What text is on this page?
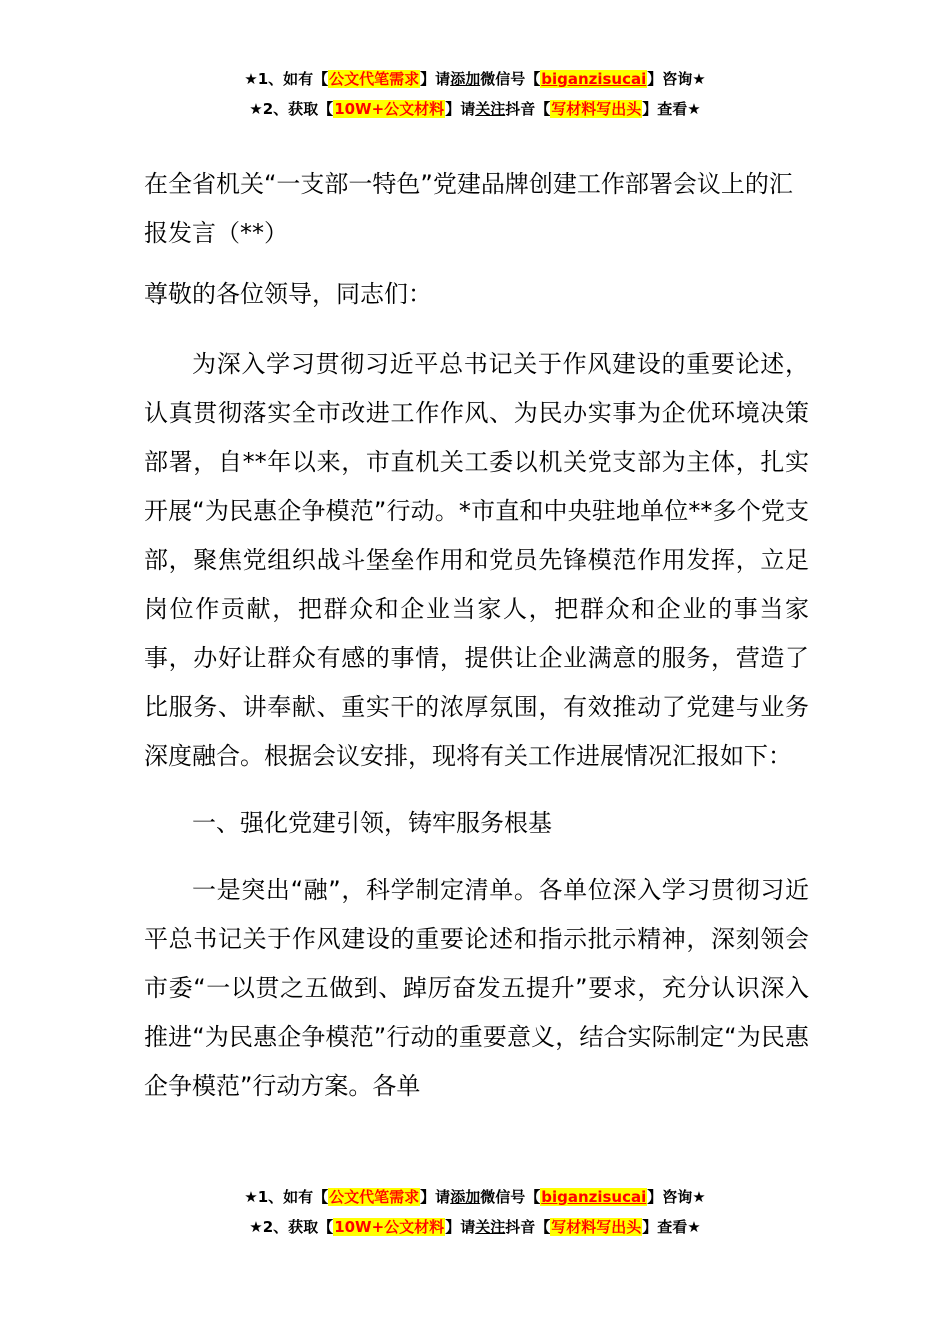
★1、如有【公文代笔需求】请添加微信号【biganzisucai】咨询★
★2、获取【10W+公文材料】请关注抖音【写材料写出头】查看★

在全省机关“一支部一特色”党建品牌创建工作部署会议上的汇报发言（**）

尊敬的各位领导，同志们：

为深入学习贯彻习近平总书记关于作风建设的重要论述，认真贯彻落实全市改进工作作风、为民办实事为企优环境决策部署，自**年以来，市直机关工委以机关党支部为主体，扎实开展“为民惠企争模范”行动。*市直和中央驻地单位**多个党支部，聚焦党组织战斗堡垒作用和党员先锋模范作用发挥，立足岗位作贡献，把群众和企业当家人，把群众和企业的事当家事，办好让群众有感的事情，提供让企业满意的服务，营造了比服务、讲奉献、重实干的浓厚氛围，有效推动了党建与业务深度融合。根据会议安排，现将有关工作进展情况汇报如下：

一、强化党建引领，铸牢服务根基

一是突出“融”，科学制定清单。各单位深入学习贯彻习近平总书记关于作风建设的重要论述和指示批示精神，深刻领会市委“一以贯之五做到、踔厉奋发五提升”要求，充分认识深入推进“为民惠企争模范”行动的重要意义，结合实际制定“为民惠企争模范”行动方案。各单

★1、如有【公文代笔需求】请添加微信号【biganzisucai】咨询★
★2、获取【10W+公文材料】请关注抖音【写材料写出头】查看★
